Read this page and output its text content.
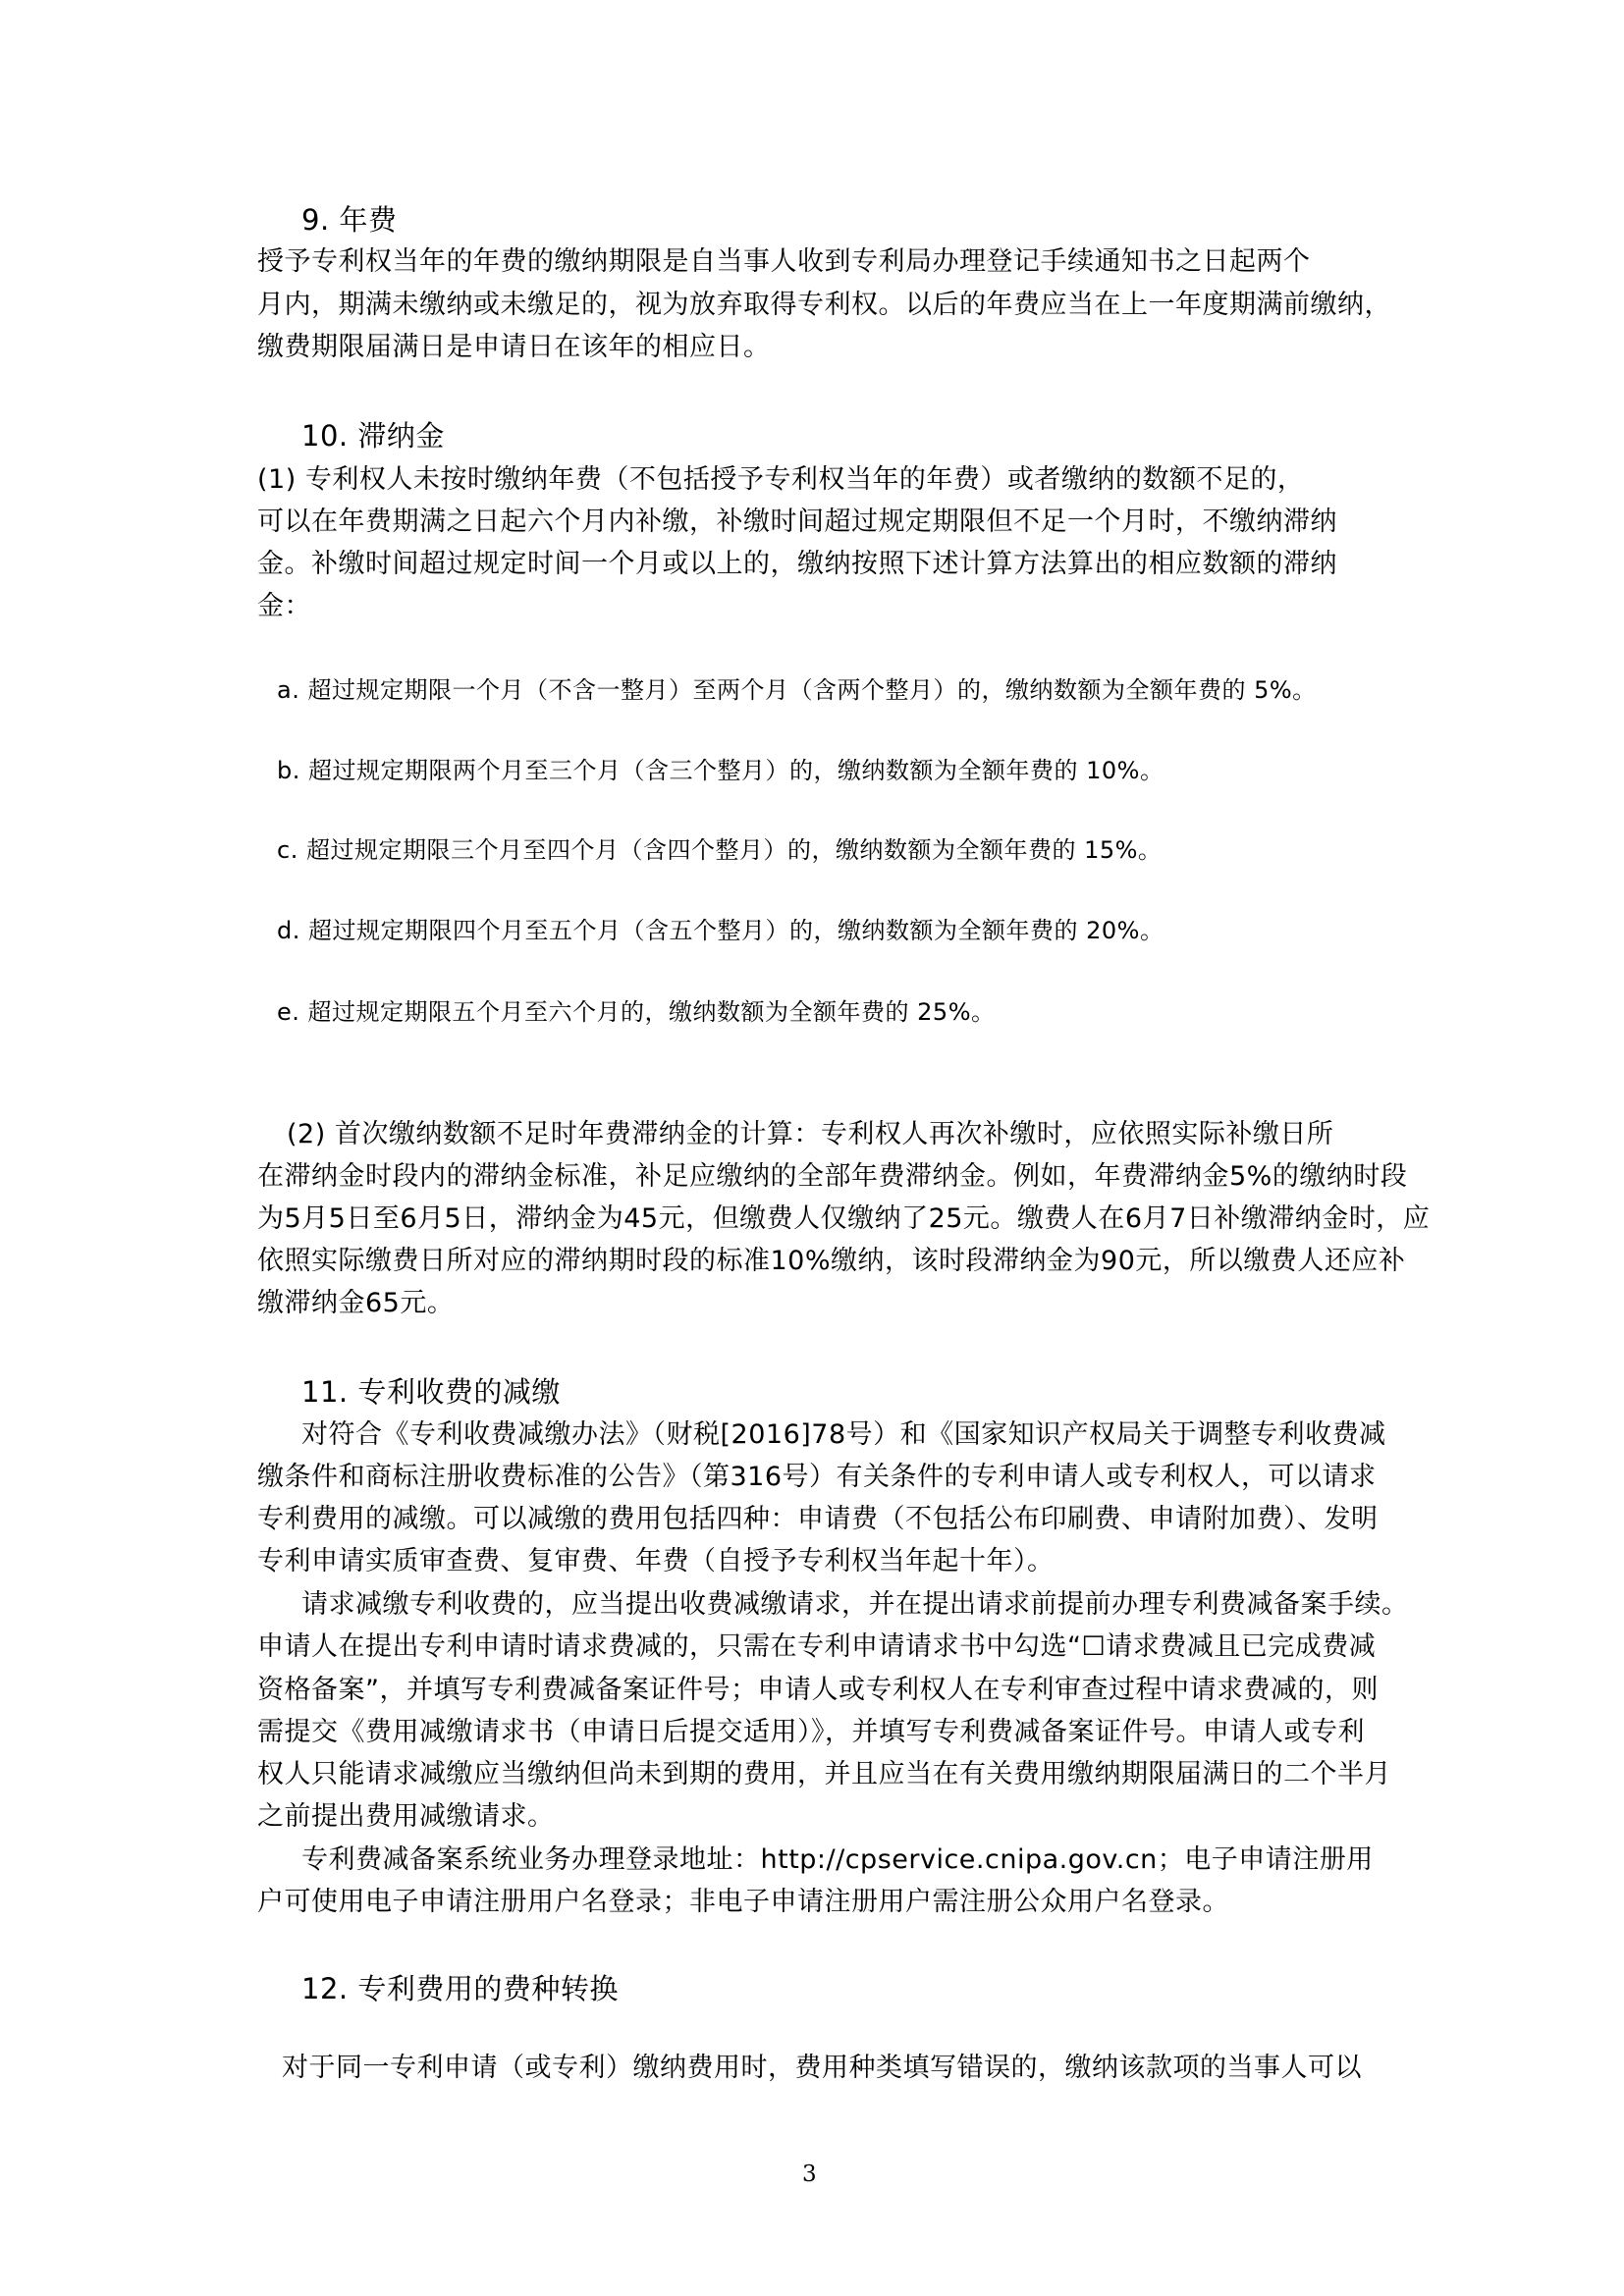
9. 年费
授予专利权当年的年费的缴纳期限是自当事人收到专利局办理登记手续通知书之日起两个
月内，期满未缴纳或未缴足的，视为放弃取得专利权。以后的年费应当在上一年度期满前缴纳，
缴费期限届满日是申请日在该年的相应日。
10. 滞纳金
(1) 专利权人未按时缴纳年费（不包括授予专利权当年的年费）或者缴纳的数额不足的，
可以在年费期满之日起六个月内补缴，补缴时间超过规定期限但不足一个月时，不缴纳滞纳
金。补缴时间超过规定时间一个月或以上的，缴纳按照下述计算方法算出的相应数额的滞纳
金：
a. 超过规定期限一个月（不含一整月）至两个月（含两个整月）的，缴纳数额为全额年费的 5%。
b. 超过规定期限两个月至三个月（含三个整月）的，缴纳数额为全额年费的 10%。
c. 超过规定期限三个月至四个月（含四个整月）的，缴纳数额为全额年费的 15%。
d. 超过规定期限四个月至五个月（含五个整月）的，缴纳数额为全额年费的 20%。
e. 超过规定期限五个月至六个月的，缴纳数额为全额年费的 25%。
(2) 首次缴纳数额不足时年费滞纳金的计算：专利权人再次补缴时，应依照实际补缴日所
在滞纳金时段内的滞纳金标准，补足应缴纳的全部年费滞纳金。例如，年费滞纳金5%的缴纳时段
为5月5日至6月5日，滞纳金为45元，但缴费人仅缴纳了25元。缴费人在6月7日补缴滞纳金时，应
依照实际缴费日所对应的滞纳期时段的标准10%缴纳，该时段滞纳金为90元，所以缴费人还应补
缴滞纳金65元。
11. 专利收费的减缴
对符合《专利收费减缴办法》（财税[2016]78号）和《国家知识产权局关于调整专利收费减
缴条件和商标注册收费标准的公告》（第316号）有关条件的专利申请人或专利权人，可以请求
专利费用的减缴。可以减缴的费用包括四种：申请费（不包括公布印刷费、申请附加费）、发明
专利申请实质审查费、复审费、年费（自授予专利权当年起十年）。
请求减缴专利收费的，应当提出收费减缴请求，并在提出请求前提前办理专利费减备案手续。
申请人在提出专利申请时请求费减的，只需在专利申请请求书中勾选“☐请求费减且已完成费减
资格备案”，并填写专利费减备案证件号；申请人或专利权人在专利审查过程中请求费减的，则
需提交《费用减缴请求书（申请日后提交适用）》，并填写专利费减备案证件号。申请人或专利
权人只能请求减缴应当缴纳但尚未到期的费用，并且应当在有关费用缴纳期限届满日的二个半月
之前提出费用减缴请求。
专利费减备案系统业务办理登录地址：http://cpservice.cnipa.gov.cn；电子申请注册用
户可使用电子申请注册用户名登录；非电子申请注册用户需注册公众用户名登录。
12. 专利费用的费种转换
对于同一专利申请（或专利）缴纳费用时，费用种类填写错误的，缴纳该款项的当事人可以
3
